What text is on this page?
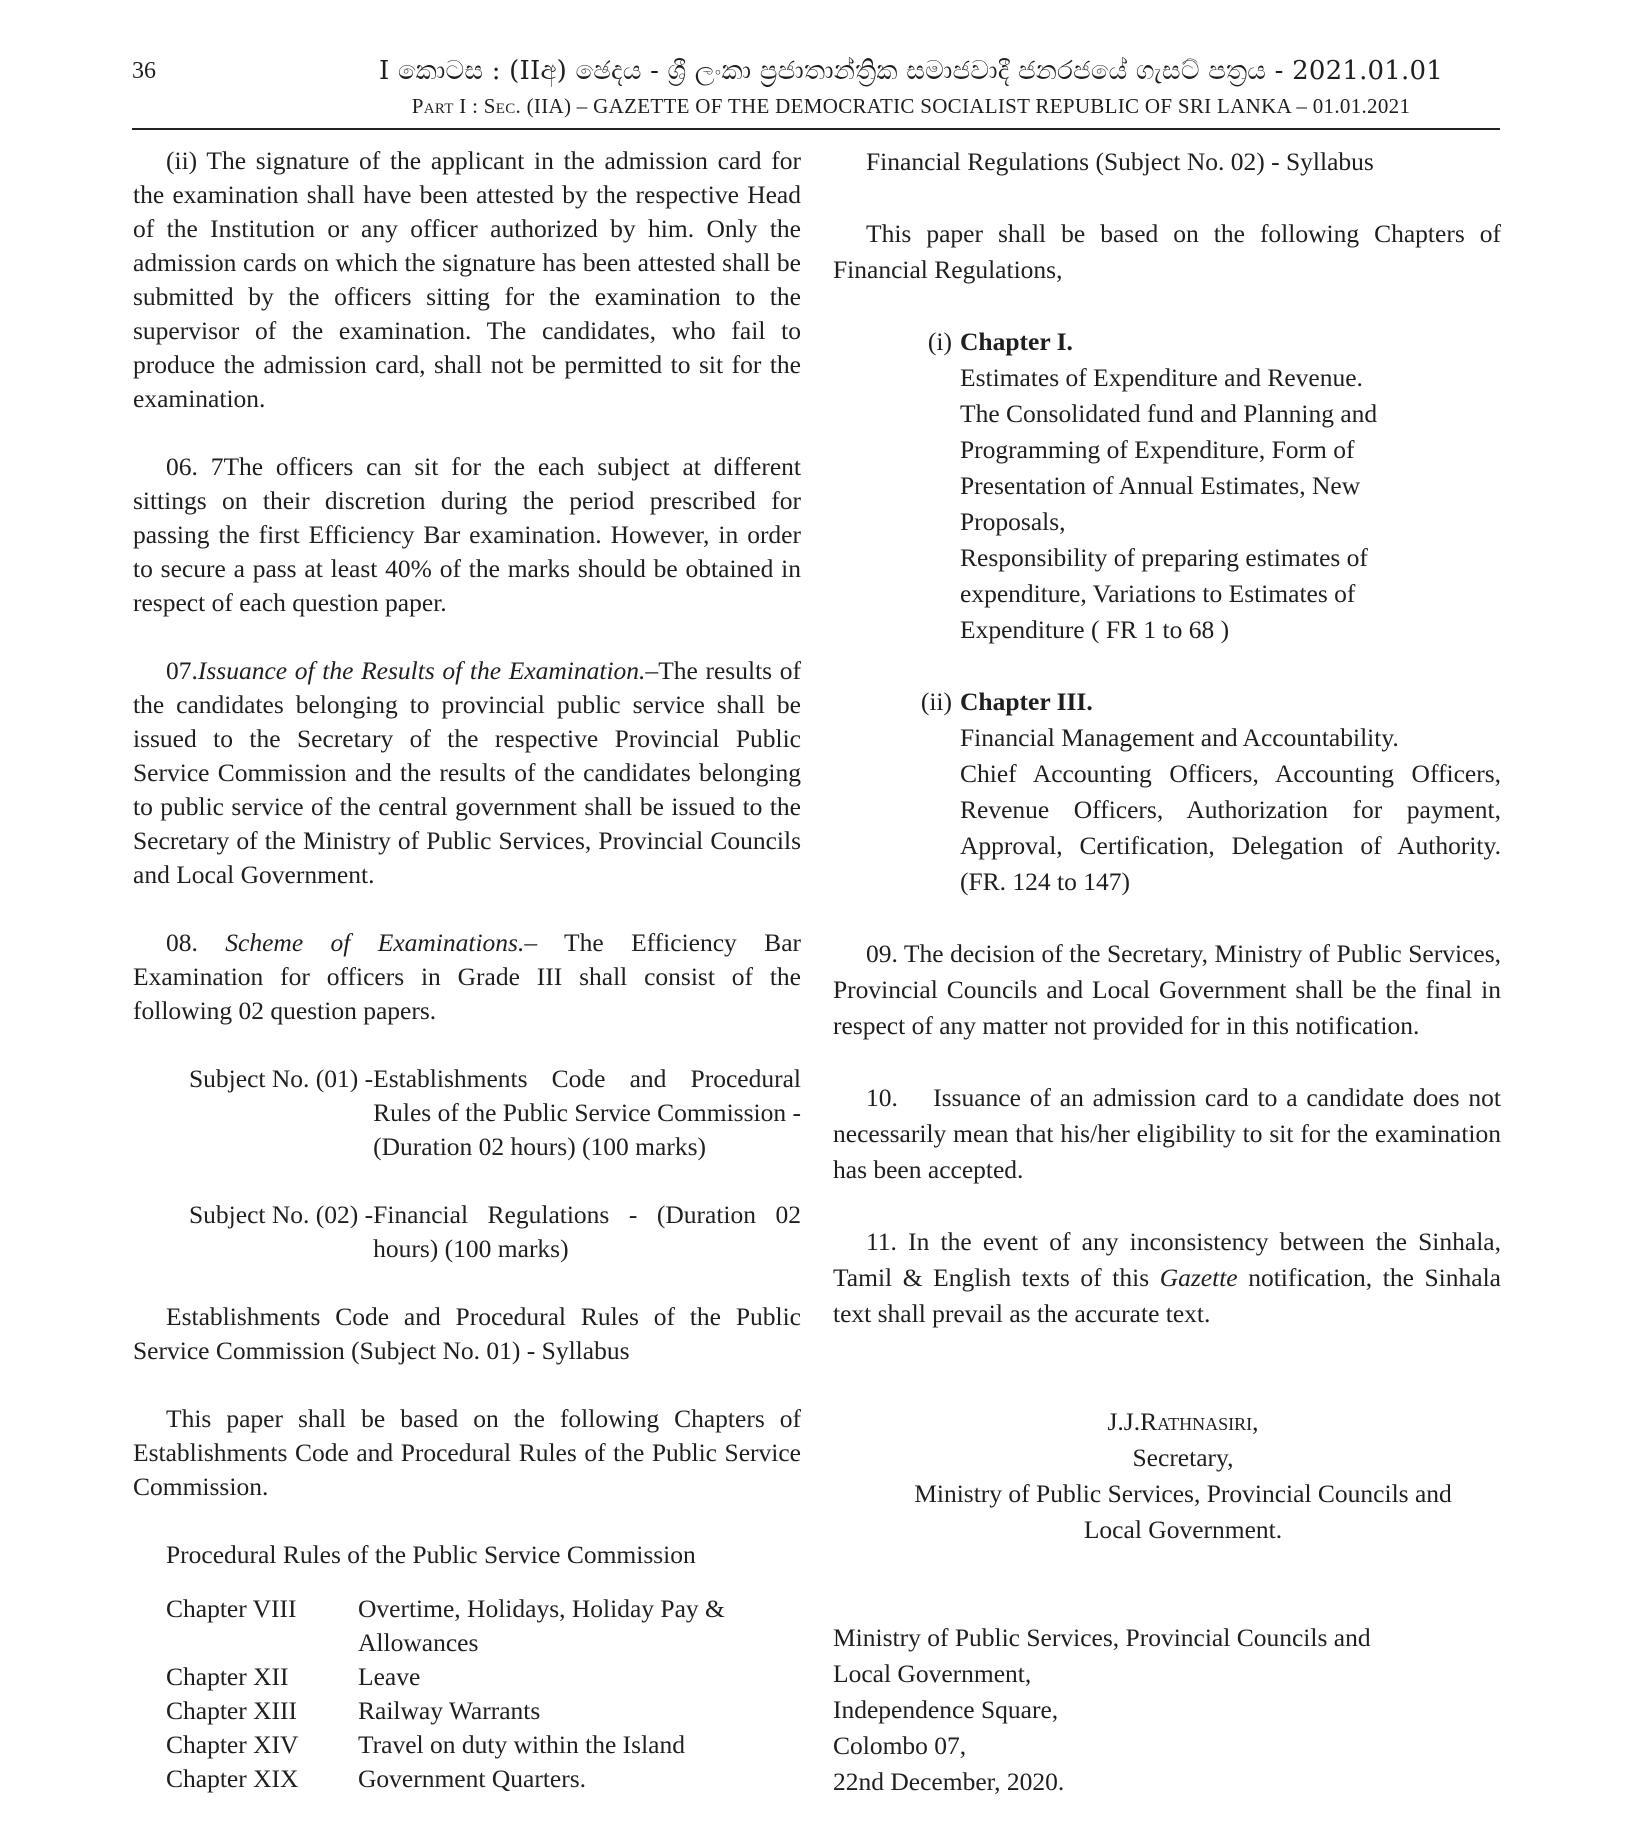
36	I කොටස : (IIඅ) ඡෙදය - ශ්‍රී ලංකා ප්‍රජාතාන්ත්‍රික සමාජවාදී ජනරජයේ ගැසට් පත්‍රය - 2021.01.01
Part I : Sec. (IIA) – GAZETTE OF THE DEMOCRATIC SOCIALIST REPUBLIC OF SRI LANKA – 01.01.2021

(ii) The signature of the applicant in the admission card for the examination shall have been attested by the respective Head of the Institution or any officer authorized by him. Only the admission cards on which the signature has been attested shall be submitted by the officers sitting for the examination to the supervisor of the examination. The candidates, who fail to produce the admission card, shall not be permitted to sit for the examination.

06. 7The officers can sit for the each subject at different sittings on their discretion during the period prescribed for passing the first Efficiency Bar examination. However, in order to secure a pass at least 40% of the marks should be obtained in respect of each question paper.

07.Issuance of the Results of the Examination.–The results of the candidates belonging to provincial public service shall be issued to the Secretary of the respective Provincial Public Service Commission and the results of the candidates belonging to public service of the central government shall be issued to the Secretary of the Ministry of Public Services, Provincial Councils and Local Government.

08. Scheme of Examinations.– The Efficiency Bar Examination for officers in Grade III shall consist of the following 02 question papers.

Subject No. (01) - Establishments Code and Procedural Rules of the Public Service Commission - (Duration 02 hours) (100 marks)
Subject No. (02) - Financial Regulations - (Duration 02 hours) (100 marks)

Establishments Code and Procedural Rules of the Public Service Commission (Subject No. 01) - Syllabus

This paper shall be based on the following Chapters of Establishments Code and Procedural Rules of the Public Service Commission.

Procedural Rules of the Public Service Commission

Chapter VIII	Overtime, Holidays, Holiday Pay & Allowances
Chapter XII	Leave
Chapter XIII	Railway Warrants
Chapter XIV	Travel on duty within the Island
Chapter XIX	Government Quarters.

Financial Regulations (Subject No. 02) - Syllabus

This paper shall be based on the following Chapters of Financial Regulations,

(i) Chapter I.
Estimates of Expenditure and Revenue.
The Consolidated fund and Planning and
Programming of Expenditure, Form of
Presentation of Annual Estimates, New
Proposals,
Responsibility of preparing estimates of
expenditure, Variations to Estimates of
Expenditure ( FR 1 to 68 )
(ii) Chapter III.
Financial Management and Accountability.
Chief Accounting Officers, Accounting Officers,
Revenue Officers, Authorization for payment,
Approval, Certification, Delegation of Authority.
(FR. 124 to 147)

09. The decision of the Secretary, Ministry of Public Services, Provincial Councils and Local Government shall be the final in respect of any matter not provided for in this notification.

10.    Issuance of an admission card to a candidate does not necessarily mean that his/her eligibility to sit for the examination has been accepted.

11. In the event of any inconsistency between the Sinhala, Tamil & English texts of this Gazette notification, the Sinhala text shall prevail as the accurate text.

J.J.Rathnasiri,
Secretary,
Ministry of Public Services, Provincial Councils and
Local Government.
Ministry of Public Services, Provincial Councils and
Local Government,
Independence Square,
Colombo 07,
22nd December, 2020.
